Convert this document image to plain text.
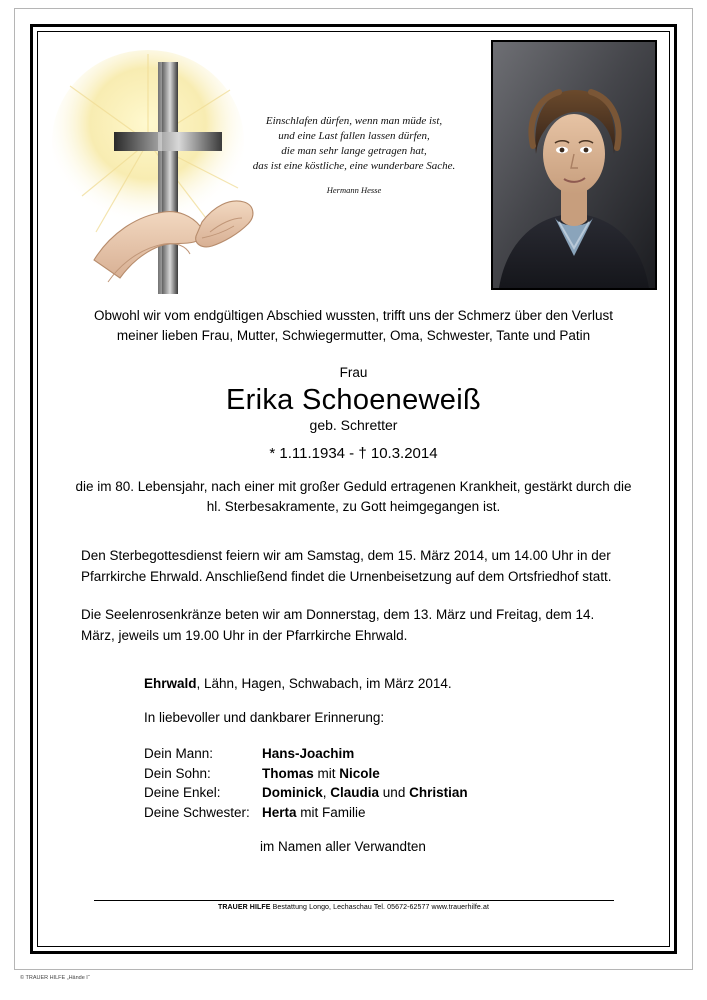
Einschlafen dürfen, wenn man müde ist,
und eine Last fallen lassen dürfen,
die man sehr lange getragen hat,
das ist eine köstliche, eine wunderbare Sache.
Hermann Hesse
Obwohl wir vom endgültigen Abschied wussten, trifft uns der Schmerz über den Verlust meiner lieben Frau, Mutter, Schwiegermutter, Oma, Schwester, Tante und Patin
Frau
Erika Schoeneweiß
geb. Schretter
* 1.11.1934 - † 10.3.2014
die im 80. Lebensjahr, nach einer mit großer Geduld ertragenen Krankheit, gestärkt durch die hl. Sterbesakramente, zu Gott heimgegangen ist.
Den Sterbegottesdienst feiern wir am Samstag, dem 15. März 2014, um 14.00 Uhr in der Pfarrkirche Ehrwald. Anschließend findet die Urnenbeisetzung auf dem Ortsfriedhof statt.
Die Seelenrosenkränze beten wir am Donnerstag, dem 13. März und Freitag, dem 14. März, jeweils um 19.00 Uhr in der Pfarrkirche Ehrwald.
Ehrwald, Lähn, Hagen, Schwabach, im März 2014.
In liebevoller und dankbarer Erinnerung:
Dein Mann:	Hans-Joachim
Dein Sohn:	Thomas mit Nicole
Deine Enkel:	Dominick, Claudia und Christian
Deine Schwester: Herta mit Familie
im Namen aller Verwandten
TRAUER HILFE Bestattung Longo, Lechaschau Tel. 05672-62577 www.trauerhilfe.at
© TRAUER HILFE „Hände I“
